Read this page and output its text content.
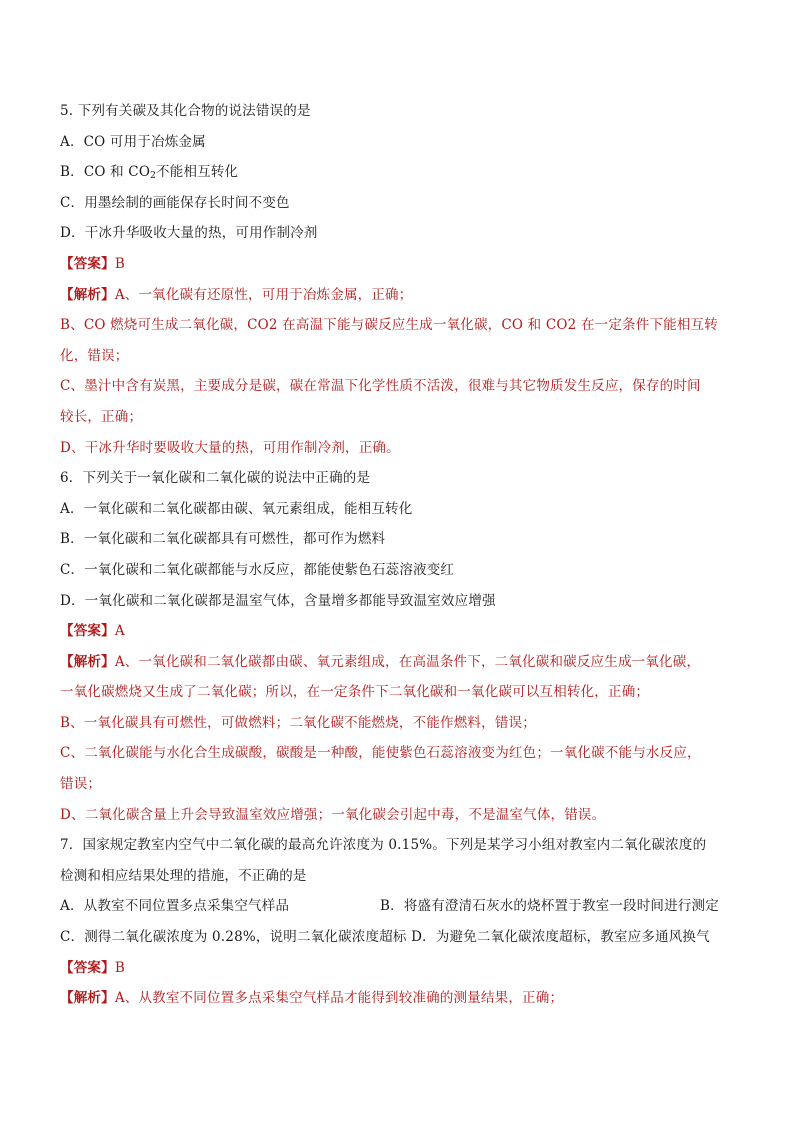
5. 下列有关碳及其化合物的说法错误的是
A．CO 可用于冶炼金属
B．CO 和 $CO_2$不能相互转化
C．用墨绘制的画能保存长时间不变色
D．干冰升华吸收大量的热，可用作制冷剂
【答案】B
【解析】A、一氧化碳有还原性，可用于冶炼金属，正确；
B、CO 燃烧可生成二氧化碳，CO2 在高温下能与碳反应生成一氧化碳，CO 和 CO2 在一定条件下能相互转
化，错误；
C、墨汁中含有炭黑，主要成分是碳，碳在常温下化学性质不活泼，很难与其它物质发生反应，保存的时间
较长，正确；
D、干冰升华时要吸收大量的热，可用作制冷剂，正确。
6．下列关于一氧化碳和二氧化碳的说法中正确的是
A．一氧化碳和二氧化碳都由碳、氧元素组成，能相互转化
B．一氧化碳和二氧化碳都具有可燃性，都可作为燃料
C．一氧化碳和二氧化碳都能与水反应，都能使紫色石蕊溶液变红
D．一氧化碳和二氧化碳都是温室气体，含量增多都能导致温室效应增强
【答案】A
【解析】A、一氧化碳和二氧化碳都由碳、氧元素组成，在高温条件下，二氧化碳和碳反应生成一氧化碳，
一氧化碳燃烧又生成了二氧化碳；所以，在一定条件下二氧化碳和一氧化碳可以互相转化，正确；
B、一氧化碳具有可燃性，可做燃料；二氧化碳不能燃烧，不能作燃料，错误；
C、二氧化碳能与水化合生成碳酸，碳酸是一种酸，能使紫色石蕊溶液变为红色；一氧化碳不能与水反应，
错误；
D、二氧化碳含量上升会导致温室效应增强；一氧化碳会引起中毒，不是温室气体，错误。
7．国家规定教室内空气中二氧化碳的最高允许浓度为 0.15%。下列是某学习小组对教室内二氧化碳浓度的
检测和相应结果处理的措施，不正确的是
A．从教室不同位置多点采集空气样品	B．将盛有澄清石灰水的烧杯置于教室一段时间进行测定
C．测得二氧化碳浓度为 0.28%，说明二氧化碳浓度超标 D．为避免二氧化碳浓度超标，教室应多通风换气
【答案】B
【解析】A、从教室不同位置多点采集空气样品才能得到较准确的测量结果，正确；
